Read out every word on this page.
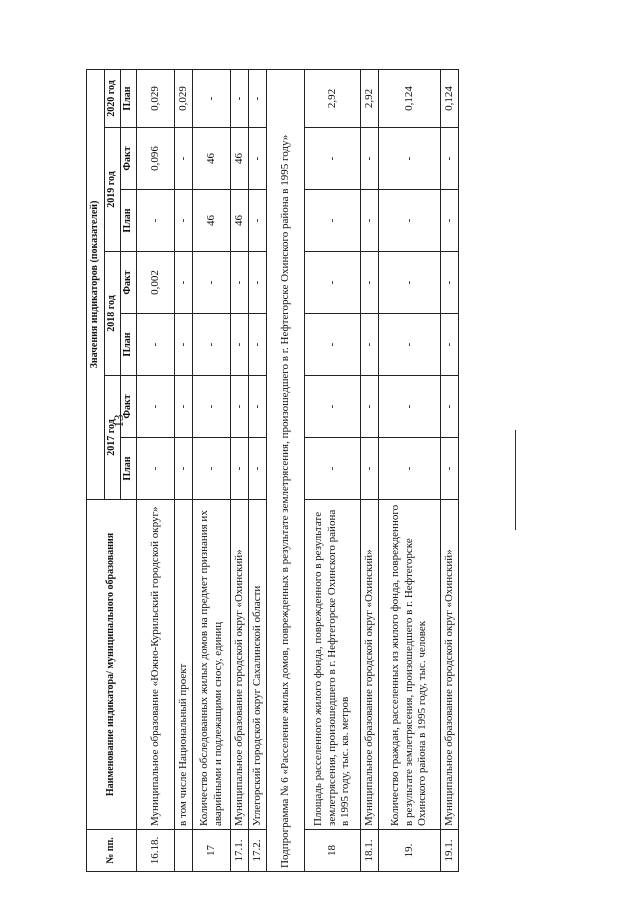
13
№ пп.	Наименование индикатора/ муниципального образования	Значения индикаторов (показателей)						
		2017 год		2018 год		2019 год		2020 год
		План	Факт	План	Факт	План	Факт	План
16.18.	Муниципальное образование «Южно-Курильский городской округ»	-	-	-	0,002	-	0,096	0,029
	в том числе Национальный проект	-	-	-	-	-	-	0,029
17	Количество обследованных жилых домов на предмет признания их аварийными и подлежащими сносу, единиц	-	-	-	-	46	46	-
17.1.	Муниципальное образование городской округ «Охинский»	-	-	-	-	46	46	-
17.2.	Углегорский городской округ Сахалинской области	-	-	-	-	-	-	-
Подпрограмма № 6 «Расселение жилых домов, поврежденных в результате землетрясения, произошедшего в г. Нефтегорске Охинского района в 1995 году»								
18	Площадь расселенного жилого фонда, поврежденного в результате землетрясения, произошедшего в г. Нефтегорске Охинского района в 1995 году, тыс. кв. метров	-	-	-	-	-	-	2,92
18.1.	Муниципальное образование городской округ «Охинский»	-	-	-	-	-	-	2,92
19.	Количество граждан, расселенных из жилого фонда, поврежденного в результате землетрясения, произошедшего в г. Нефтегорске Охинского района в 1995 году, тыс. человек	-	-	-	-	-	-	0,124
19.1.	Муниципальное образование городской округ «Охинский»	-	-	-	-	-	-	0,124
